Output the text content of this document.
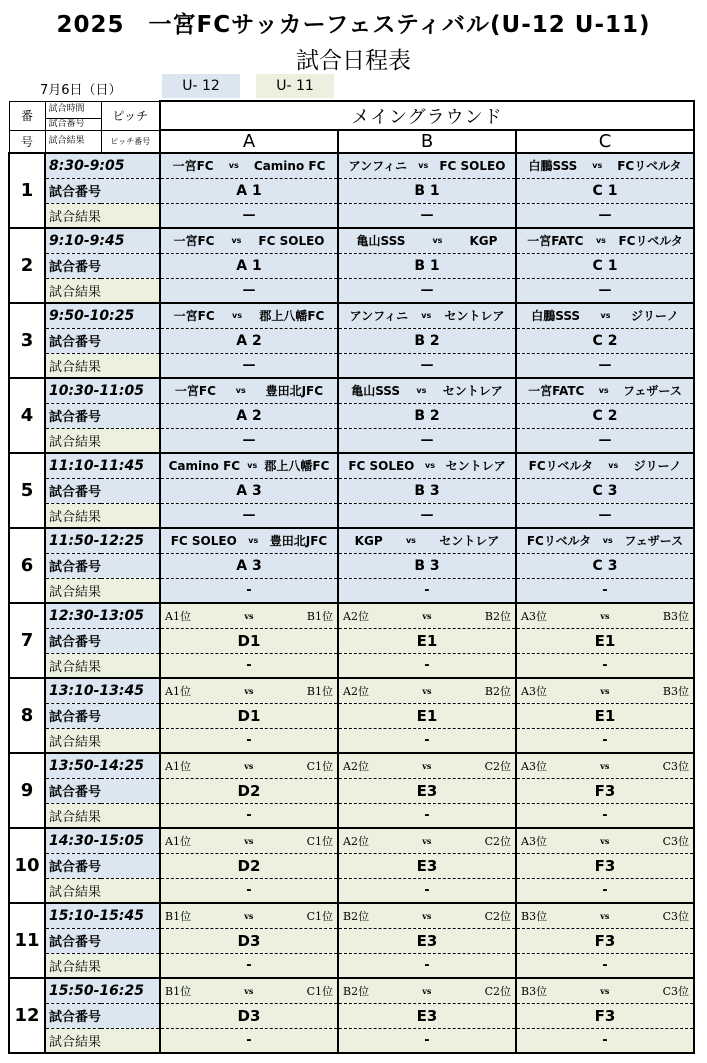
2025　一宮FCサッカーフェスティバル(U-12 U-11)
試合日程表
7月6日（日）	U- 12	U- 11
番	試合時間	ピッチ	メイングラウンド		
	試合番号				
号	試合結果	ピッチ番号	A	B	C
1	8:30-9:05		一宮FC vs Camino FC	アンフィニ vs FC SOLEO	白鵬SSS vs FCリベルタ

	試合番号		A 1	B 1	C 1
	試合結果		—	—	—
2	9:10-9:45		一宮FC vs FC SOLEO	亀山SSS vs KGP	一宮FATC vs FCリベルタ

	試合番号		A 1	B 1	C 1
	試合結果		—	—	—
3	9:50-10:25		一宮FC vs 郡上八幡FC	アンフィニ vs セントレア	白鵬SSS vs ジリーノ

	試合番号		A 2	B 2	C 2
	試合結果		—	—	—
4	10:30-11:05		一宮FC vs 豊田北JFC	亀山SSS vs セントレア	一宮FATC vs フェザース

	試合番号		A 2	B 2	C 2
	試合結果		—	—	—
5	11:10-11:45		Camino FC vs 郡上八幡FC	FC SOLEO vs セントレア	FCリベルタ vs ジリーノ

	試合番号		A 3	B 3	C 3
	試合結果		—	—	—
6	11:50-12:25		FC SOLEO vs 豊田北JFC	KGP vs セントレア	FCリベルタ vs フェザース

	試合番号		A 3	B 3	C 3
	試合結果		-	-	-
7	12:30-13:05		A1位 vs B1位	A2位 vs B2位	A3位 vs B3位

	試合番号		D1	E1	E1
	試合結果		-	-	-
8	13:10-13:45		A1位 vs B1位	A2位 vs B2位	A3位 vs B3位

	試合番号		D1	E1	E1
	試合結果		-	-	-
9	13:50-14:25		A1位 vs C1位	A2位 vs C2位	A3位 vs C3位

	試合番号		D2	E3	F3
	試合結果		-	-	-
10	14:30-15:05		A1位 vs C1位	A2位 vs C2位	A3位 vs C3位

	試合番号		D2	E3	F3
	試合結果		-	-	-
11	15:10-15:45		B1位 vs C1位	B2位 vs C2位	B3位 vs C3位

	試合番号		D3	E3	F3
	試合結果		-	-	-
12	15:50-16:25		B1位 vs C1位	B2位 vs C2位	B3位 vs C3位

	試合番号		D3	E3	F3
	試合結果		-	-	-
